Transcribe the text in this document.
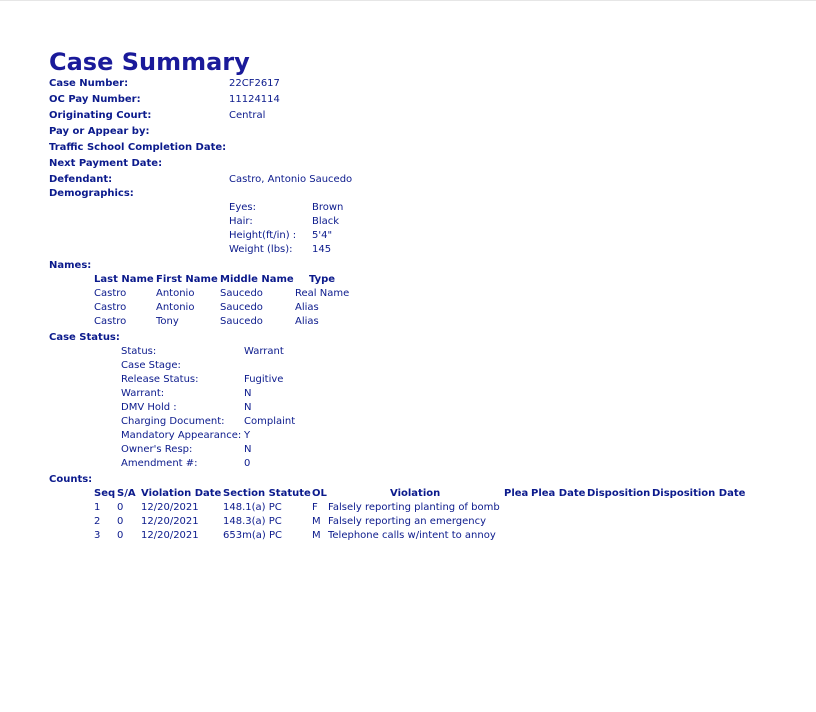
Case Summary
Case Number:	22CF2617
OC Pay Number:	11124114
Originating Court:	Central
Pay or Appear by:
Traffic School Completion Date:
Next Payment Date:
Defendant:	Castro, Antonio Saucedo
Demographics:
Eyes:	Brown
Hair:	Black
Height(ft/in) : 5'4"
Weight (lbs): 145
Names:
Last Name First Name Middle Name Type
Castro	Antonio	Saucedo	Real Name
Castro	Antonio	Saucedo	Alias
Castro	Tony	Saucedo	Alias
Case Status:
Status:	Warrant
Case Stage:
Release Status:	Fugitive
Warrant:	N
DMV Hold :	N
Charging Document: Complaint
Mandatory Appearance: Y
Owner's Resp:	N
Amendment #:	0
Counts:
Seq S/A Violation Date Section Statute OL	Violation	Plea Plea Date Disposition Disposition Date
1 0 12/20/2021 148.1(a) PC	F Falsely reporting planting of bomb
2 0 12/20/2021 148.3(a) PC	M Falsely reporting an emergency
3 0 12/20/2021 653m(a) PC	M Telephone calls w/intent to annoy
